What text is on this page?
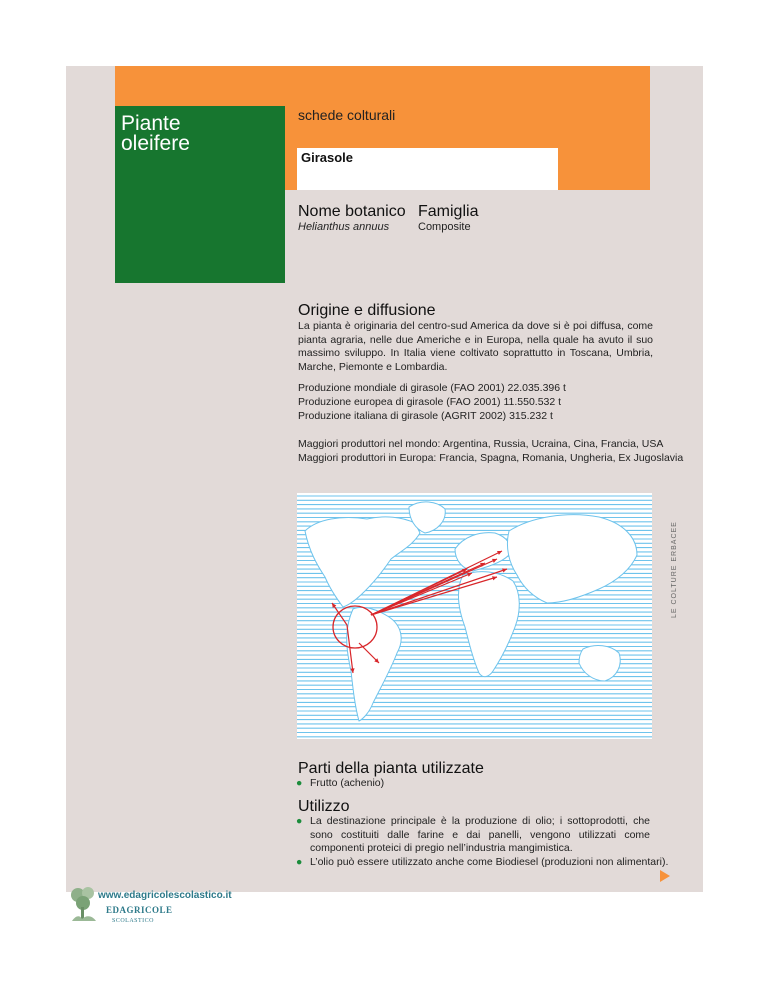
Piante
oleifere
schede colturali
Girasole
Nome botanico
Helianthus annuus
Famiglia
Composite
Origine e diffusione
La pianta è originaria del centro-sud America da dove si è poi diffusa, come pianta agraria, nelle due Americhe e in Europa, nella quale ha avuto il suo massimo sviluppo. In Italia viene coltivato soprattutto in Toscana, Umbria, Marche, Piemonte e Lombardia.
Produzione mondiale di girasole (FAO 2001) 22.035.396 t
Produzione europea di girasole (FAO 2001) 11.550.532 t
Produzione italiana di girasole (AGRIT 2002) 315.232 t
Maggiori produttori nel mondo: Argentina, Russia, Ucraina, Cina, Francia, USA
Maggiori produttori in Europa: Francia, Spagna, Romania, Ungheria, Ex Jugoslavia
LE COLTURE ERBACEE
Parti della pianta utilizzate
● Frutto (achenio)
Utilizzo
● La destinazione principale è la produzione di olio; i sottoprodotti, che sono costituiti dalle farine e dai panelli, vengono utilizzati come componenti proteici di pregio nell’industria mangimistica.
● L’olio può essere utilizzato anche come Biodiesel (produzioni non alimentari).
www.edagricolescolastico.it
EDAGRICOLE
SCOLASTICO
